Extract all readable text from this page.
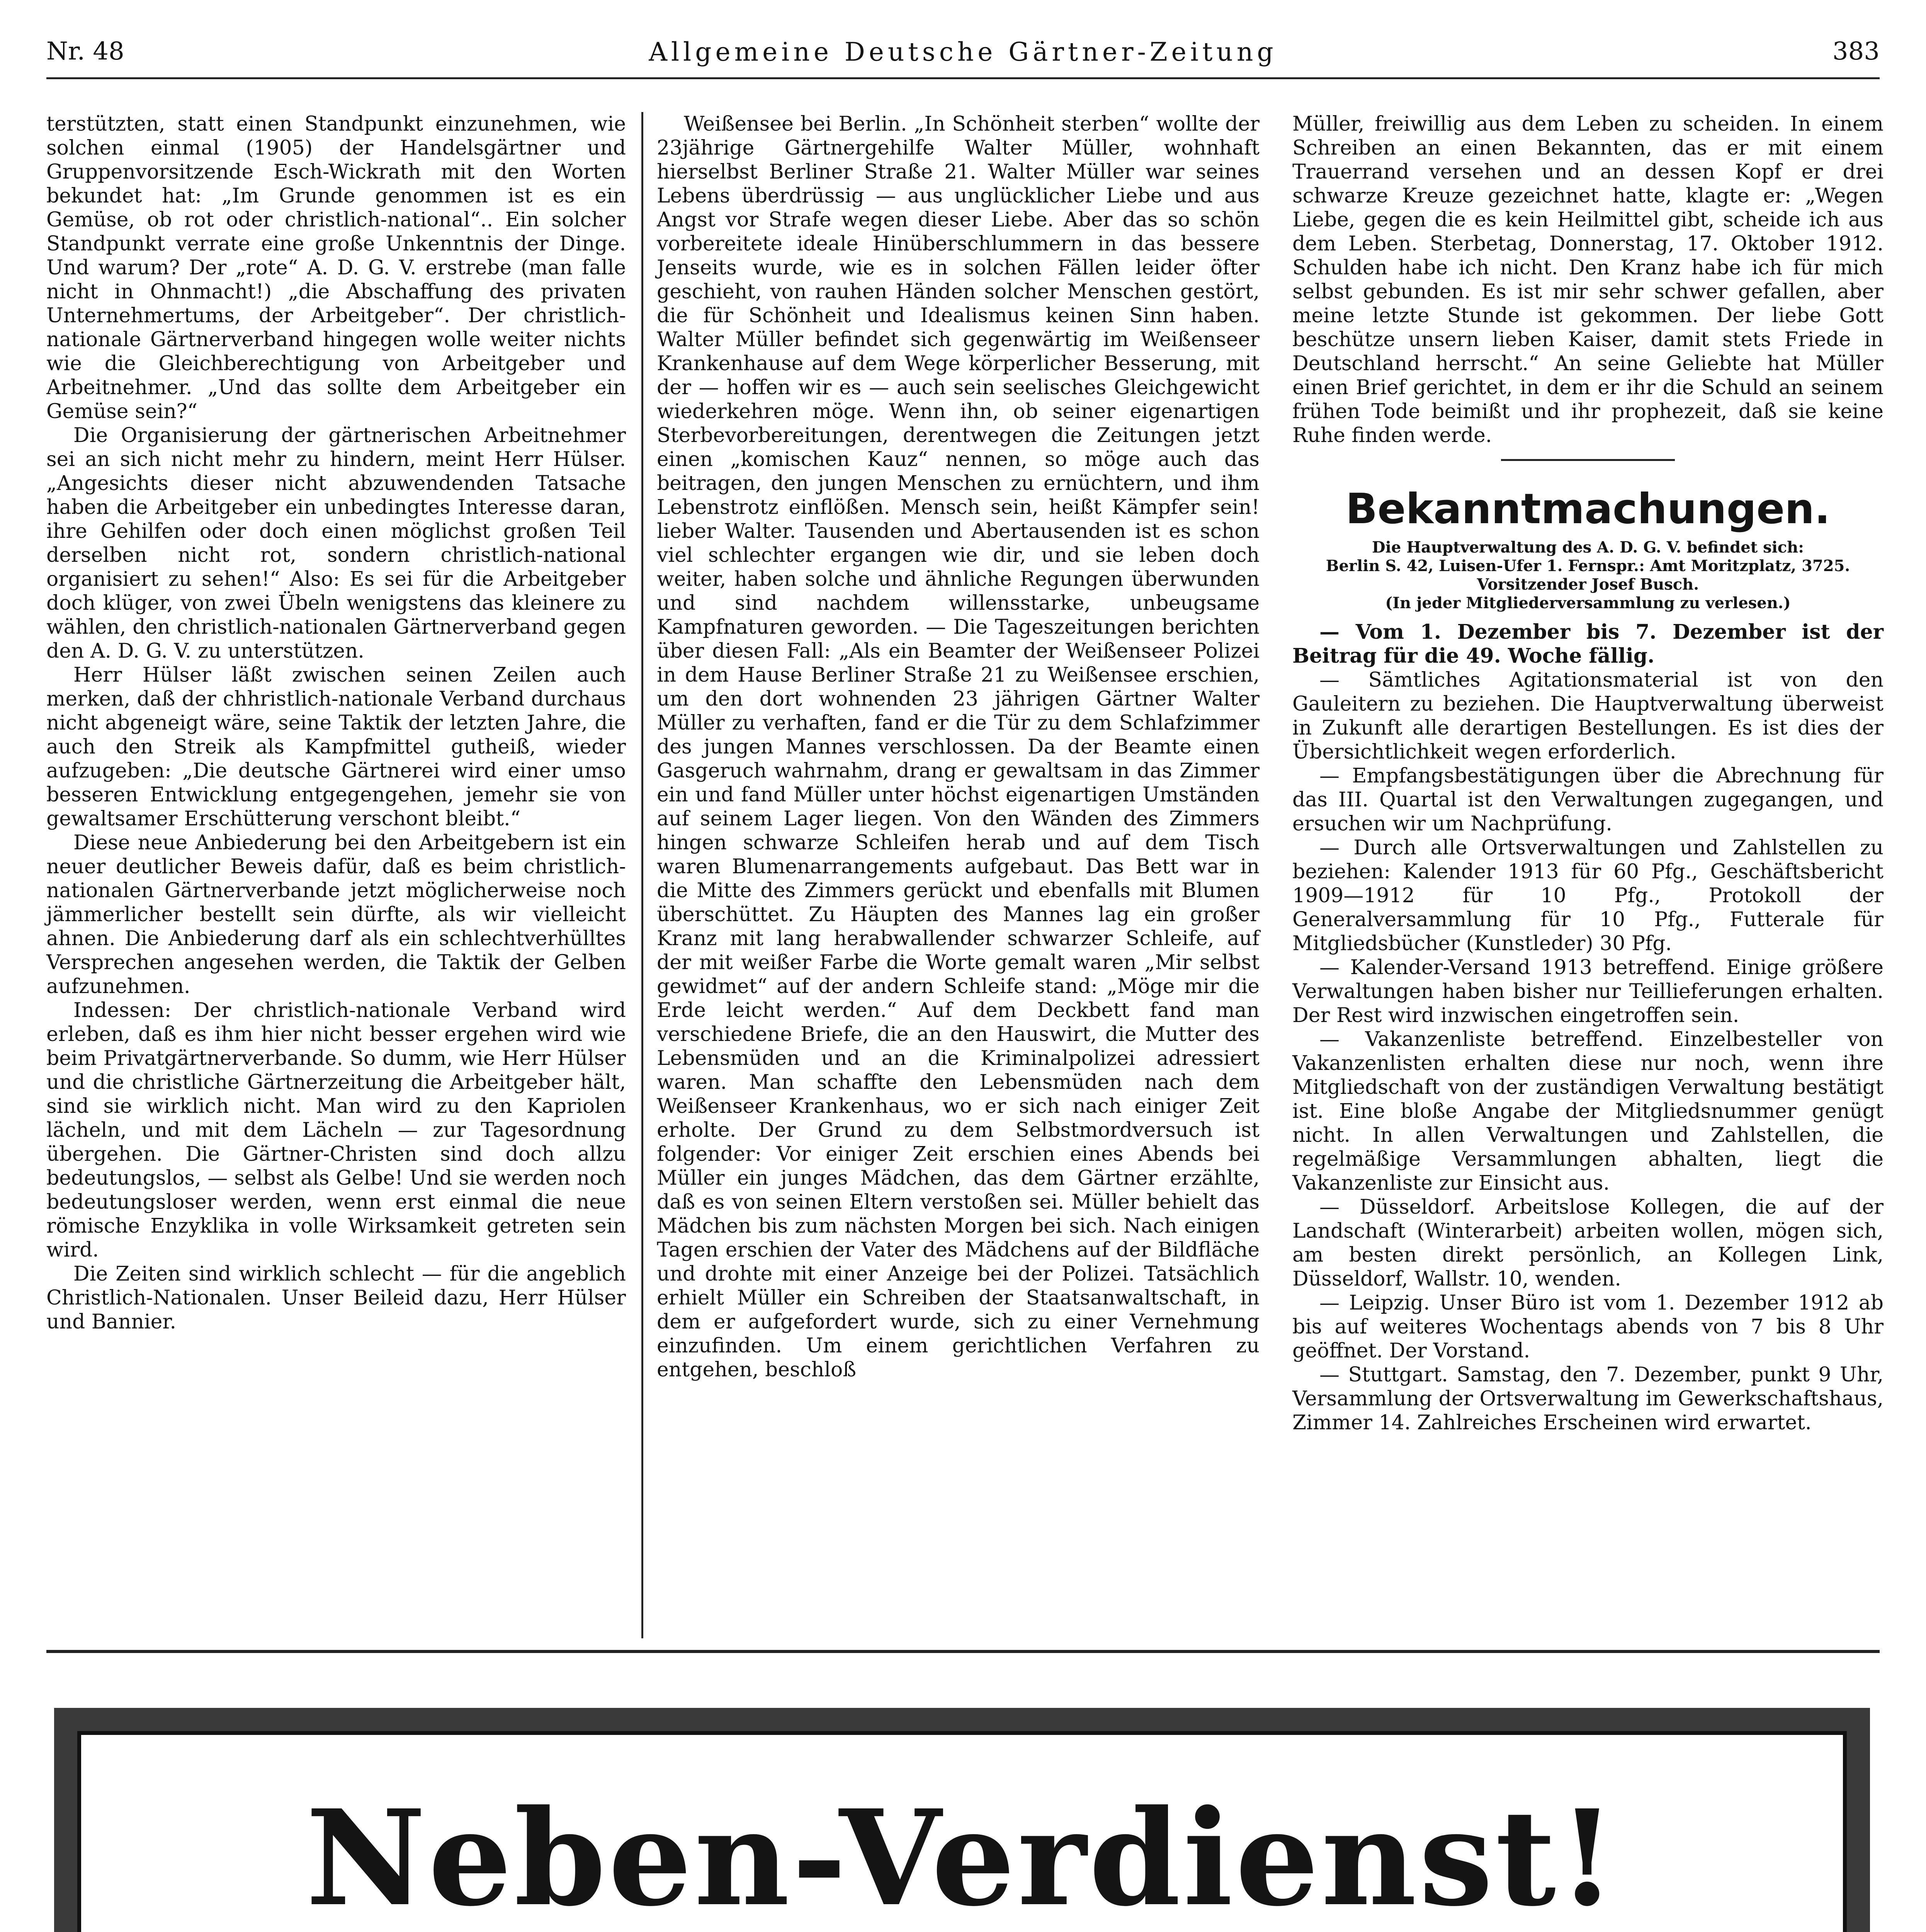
Nr. 48	Allgemeine Deutsche Gärtner-Zeitung	383

terstützten, statt einen Standpunkt einzunehmen, wie solchen einmal (1905) der Handelsgärtner und Gruppenvorsitzende Esch-Wickrath mit den Worten bekundet hat: „Im Grunde genommen ist es ein Gemüse, ob rot oder christlich-national“.. Ein solcher Standpunkt verrate eine große Unkenntnis der Dinge. Und warum? Der „rote“ A. D. G. V. erstrebe (man falle nicht in Ohnmacht!) „die Abschaffung des privaten Unternehmertums, der Arbeitgeber“. Der christlich-nationale Gärtnerverband hingegen wolle weiter nichts wie die Gleichberechtigung von Arbeitgeber und Arbeitnehmer. „Und das sollte dem Arbeitgeber ein Gemüse sein?“

Die Organisierung der gärtnerischen Arbeitnehmer sei an sich nicht mehr zu hindern, meint Herr Hülser. „Angesichts dieser nicht abzuwendenden Tatsache haben die Arbeitgeber ein unbedingtes Interesse daran, ihre Gehilfen oder doch einen möglichst großen Teil derselben nicht rot, sondern christlich-national organisiert zu sehen!“ Also: Es sei für die Arbeitgeber doch klüger, von zwei Übeln wenigstens das kleinere zu wählen, den christlich-nationalen Gärtnerverband gegen den A. D. G. V. zu unterstützen.

Herr Hülser läßt zwischen seinen Zeilen auch merken, daß der chhristlich-nationale Verband durchaus nicht abgeneigt wäre, seine Taktik der letzten Jahre, die auch den Streik als Kampfmittel gutheiß, wieder aufzugeben: „Die deutsche Gärtnerei wird einer umso besseren Entwicklung entgegengehen, jemehr sie von gewaltsamer Erschütterung verschont bleibt.“

Diese neue Anbiederung bei den Arbeitgebern ist ein neuer deutlicher Beweis dafür, daß es beim christlich-nationalen Gärtnerverbande jetzt möglicherweise noch jämmerlicher bestellt sein dürfte, als wir vielleicht ahnen. Die Anbiederung darf als ein schlechtverhülltes Versprechen angesehen werden, die Taktik der Gelben aufzunehmen.

Indessen: Der christlich-nationale Verband wird erleben, daß es ihm hier nicht besser ergehen wird wie beim Privatgärtnerverbande. So dumm, wie Herr Hülser und die christliche Gärtnerzeitung die Arbeitgeber hält, sind sie wirklich nicht. Man wird zu den Kapriolen lächeln, und mit dem Lächeln — zur Tagesordnung übergehen. Die Gärtner-Christen sind doch allzu bedeutungslos, — selbst als Gelbe! Und sie werden noch bedeutungsloser werden, wenn erst einmal die neue römische Enzyklika in volle Wirksamkeit getreten sein wird.

Die Zeiten sind wirklich schlecht — für die angeblich Christlich-Nationalen. Unser Beileid dazu, Herr Hülser und Bannier.

Weißensee bei Berlin. „In Schönheit sterben“ wollte der 23jährige Gärtnergehilfe Walter Müller, wohnhaft hierselbst Berliner Straße 21. Walter Müller war seines Lebens überdrüssig — aus unglücklicher Liebe und aus Angst vor Strafe wegen dieser Liebe. Aber das so schön vorbereitete ideale Hinüberschlummern in das bessere Jenseits wurde, wie es in solchen Fällen leider öfter geschieht, von rauhen Händen solcher Menschen gestört, die für Schönheit und Idealismus keinen Sinn haben. Walter Müller befindet sich gegenwärtig im Weißenseer Krankenhause auf dem Wege körperlicher Besserung, mit der — hoffen wir es — auch sein seelisches Gleichgewicht wiederkehren möge. Wenn ihn, ob seiner eigenartigen Sterbevorbereitungen, derentwegen die Zeitungen jetzt einen „komischen Kauz“ nennen, so möge auch das beitragen, den jungen Menschen zu ernüchtern, und ihm Lebenstrotz einflößen. Mensch sein, heißt Kämpfer sein! lieber Walter. Tausenden und Abertausenden ist es schon viel schlechter ergangen wie dir, und sie leben doch weiter, haben solche und ähnliche Regungen überwunden und sind nachdem willensstarke, unbeugsame Kampfnaturen geworden. — Die Tageszeitungen berichten über diesen Fall: „Als ein Beamter der Weißenseer Polizei in dem Hause Berliner Straße 21 zu Weißensee erschien, um den dort wohnenden 23 jährigen Gärtner Walter Müller zu verhaften, fand er die Tür zu dem Schlafzimmer des jungen Mannes verschlossen. Da der Beamte einen Gasgeruch wahrnahm, drang er gewaltsam in das Zimmer ein und fand Müller unter höchst eigenartigen Umständen auf seinem Lager liegen. Von den Wänden des Zimmers hingen schwarze Schleifen herab und auf dem Tisch waren Blumenarrangements aufgebaut. Das Bett war in die Mitte des Zimmers gerückt und ebenfalls mit Blumen überschüttet. Zu Häupten des Mannes lag ein großer Kranz mit lang herabwallender schwarzer Schleife, auf der mit weißer Farbe die Worte gemalt waren „Mir selbst gewidmet“ auf der andern Schleife stand: „Möge mir die Erde leicht werden.“ Auf dem Deckbett fand man verschiedene Briefe, die an den Hauswirt, die Mutter des Lebensmüden und an die Kriminalpolizei adressiert waren. Man schaffte den Lebensmüden nach dem Weißenseer Krankenhaus, wo er sich nach einiger Zeit erholte. Der Grund zu dem Selbstmordversuch ist folgender: Vor einiger Zeit erschien eines Abends bei Müller ein junges Mädchen, das dem Gärtner erzählte, daß es von seinen Eltern verstoßen sei. Müller behielt das Mädchen bis zum nächsten Morgen bei sich. Nach einigen Tagen erschien der Vater des Mädchens auf der Bildfläche und drohte mit einer Anzeige bei der Polizei. Tatsächlich erhielt Müller ein Schreiben der Staatsanwaltschaft, in dem er aufgefordert wurde, sich zu einer Vernehmung einzufinden. Um einem gerichtlichen Verfahren zu entgehen, beschloß

Müller, freiwillig aus dem Leben zu scheiden. In einem Schreiben an einen Bekannten, das er mit einem Trauerrand versehen und an dessen Kopf er drei schwarze Kreuze gezeichnet hatte, klagte er: „Wegen Liebe, gegen die es kein Heilmittel gibt, scheide ich aus dem Leben. Sterbetag, Donnerstag, 17. Oktober 1912. Schulden habe ich nicht. Den Kranz habe ich für mich selbst gebunden. Es ist mir sehr schwer gefallen, aber meine letzte Stunde ist gekommen. Der liebe Gott beschütze unsern lieben Kaiser, damit stets Friede in Deutschland herrscht.“ An seine Geliebte hat Müller einen Brief gerichtet, in dem er ihr die Schuld an seinem frühen Tode beimißt und ihr prophezeit, daß sie keine Ruhe finden werde.

Bekanntmachungen.
Die Hauptverwaltung des A. D. G. V. befindet sich:
Berlin S. 42, Luisen-Ufer 1. Fernspr.: Amt Moritzplatz, 3725.
Vorsitzender Josef Busch.
(In jeder Mitgliederversammlung zu verlesen.)

— Vom 1. Dezember bis 7. Dezember ist der Beitrag für die 49. Woche fällig.

— Sämtliches Agitationsmaterial ist von den Gauleitern zu beziehen. Die Hauptverwaltung überweist in Zukunft alle derartigen Bestellungen. Es ist dies der Übersichtlichkeit wegen erforderlich.

— Empfangsbestätigungen über die Abrechnung für das III. Quartal ist den Verwaltungen zugegangen, und ersuchen wir um Nachprüfung.

— Durch alle Ortsverwaltungen und Zahlstellen zu beziehen: Kalender 1913 für 60 Pfg., Geschäftsbericht 1909—1912 für 10 Pfg., Protokoll der Generalversammlung für 10 Pfg., Futterale für Mitgliedsbücher (Kunstleder) 30 Pfg.

— Kalender-Versand 1913 betreffend. Einige größere Verwaltungen haben bisher nur Teillieferungen erhalten. Der Rest wird inzwischen eingetroffen sein.

— Vakanzenliste betreffend. Einzelbesteller von Vakanzenlisten erhalten diese nur noch, wenn ihre Mitgliedschaft von der zuständigen Verwaltung bestätigt ist. Eine bloße Angabe der Mitgliedsnummer genügt nicht. In allen Verwaltungen und Zahlstellen, die regelmäßige Versammlungen abhalten, liegt die Vakanzenliste zur Einsicht aus.

— Düsseldorf. Arbeitslose Kollegen, die auf der Landschaft (Winterarbeit) arbeiten wollen, mögen sich, am besten direkt persönlich, an Kollegen Link, Düsseldorf, Wallstr. 10, wenden.

— Leipzig. Unser Büro ist vom 1. Dezember 1912 ab bis auf weiteres Wochentags abends von 7 bis 8 Uhr geöffnet. Der Vorstand.

— Stuttgart. Samstag, den 7. Dezember, punkt 9 Uhr, Versammlung der Ortsverwaltung im Gewerkschaftshaus, Zimmer 14. Zahlreiches Erscheinen wird erwartet.

Neben-Verdienst!
